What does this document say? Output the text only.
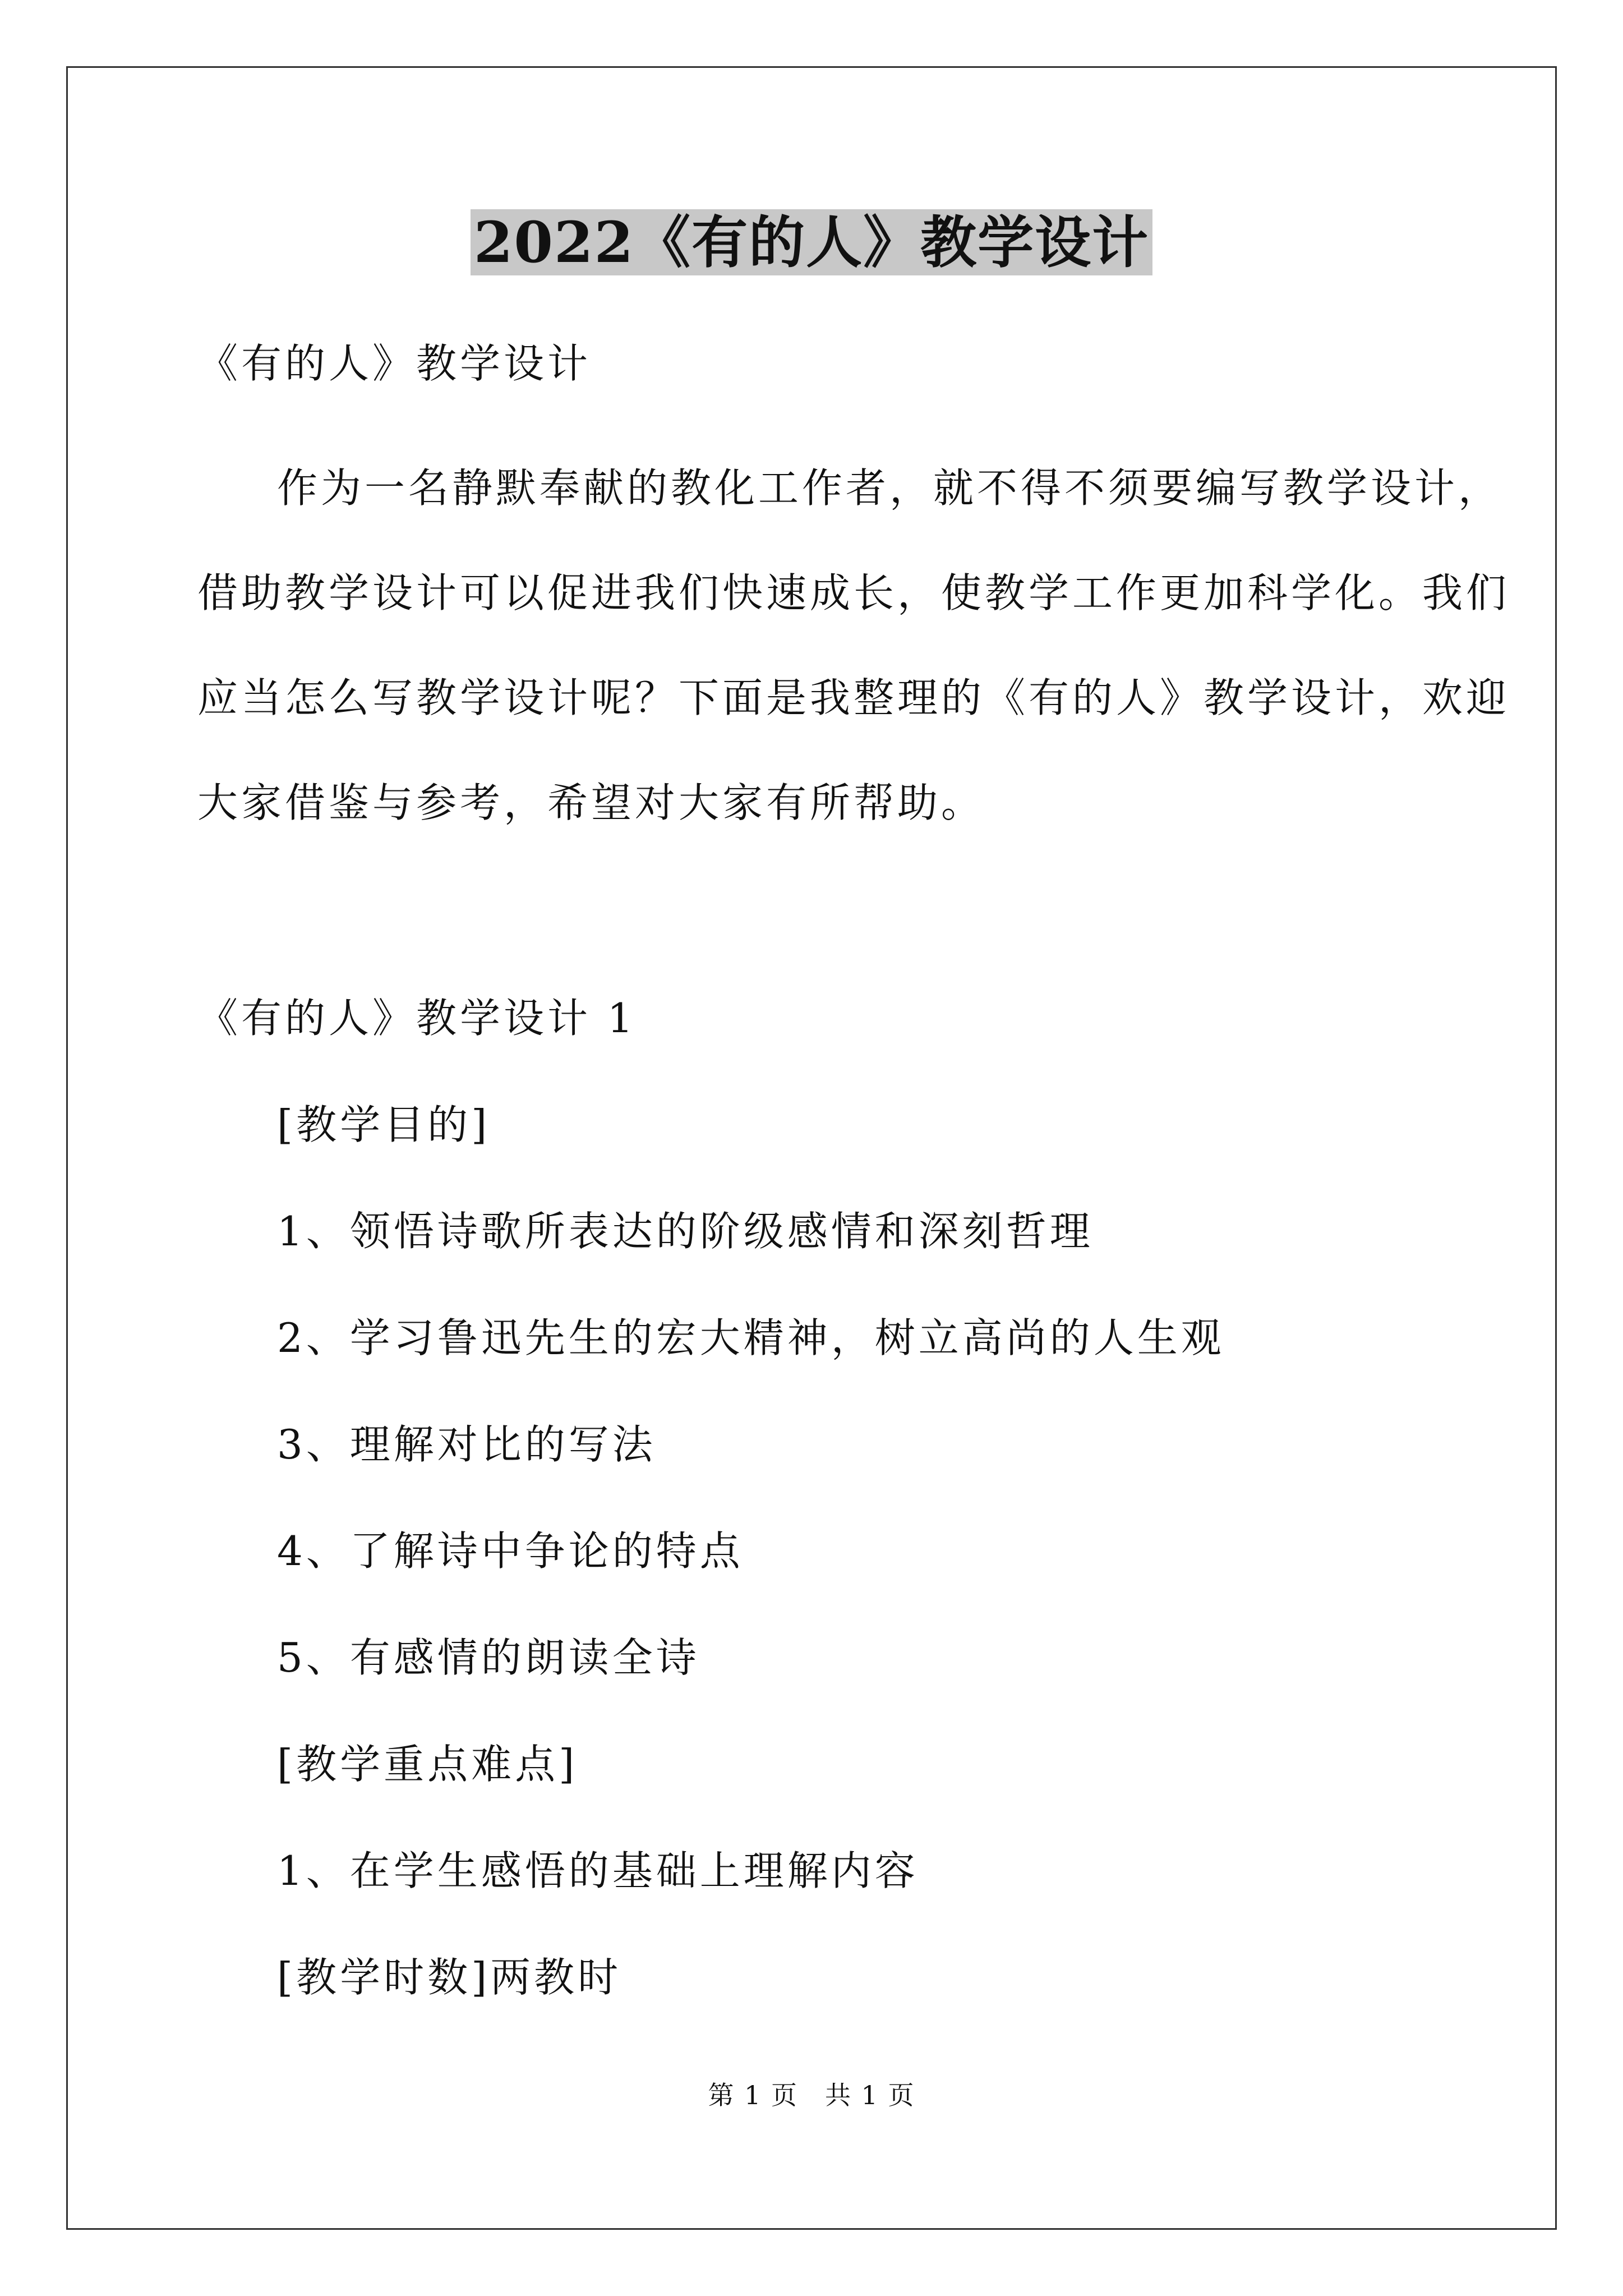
2022《有的人》教学设计
《有的人》教学设计
作为一名静默奉献的教化工作者，就不得不须要编写教学设计，
借助教学设计可以促进我们快速成长，使教学工作更加科学化。我们
应当怎么写教学设计呢？下面是我整理的《有的人》教学设计，欢迎
大家借鉴与参考，希望对大家有所帮助。
《有的人》教学设计 1
[教学目的]
1、领悟诗歌所表达的阶级感情和深刻哲理
2、学习鲁迅先生的宏大精神，树立高尚的人生观
3、理解对比的写法
4、了解诗中争论的特点
5、有感情的朗读全诗
[教学重点难点]
1、在学生感悟的基础上理解内容
[教学时数]两教时
第 1 页　共 1 页
